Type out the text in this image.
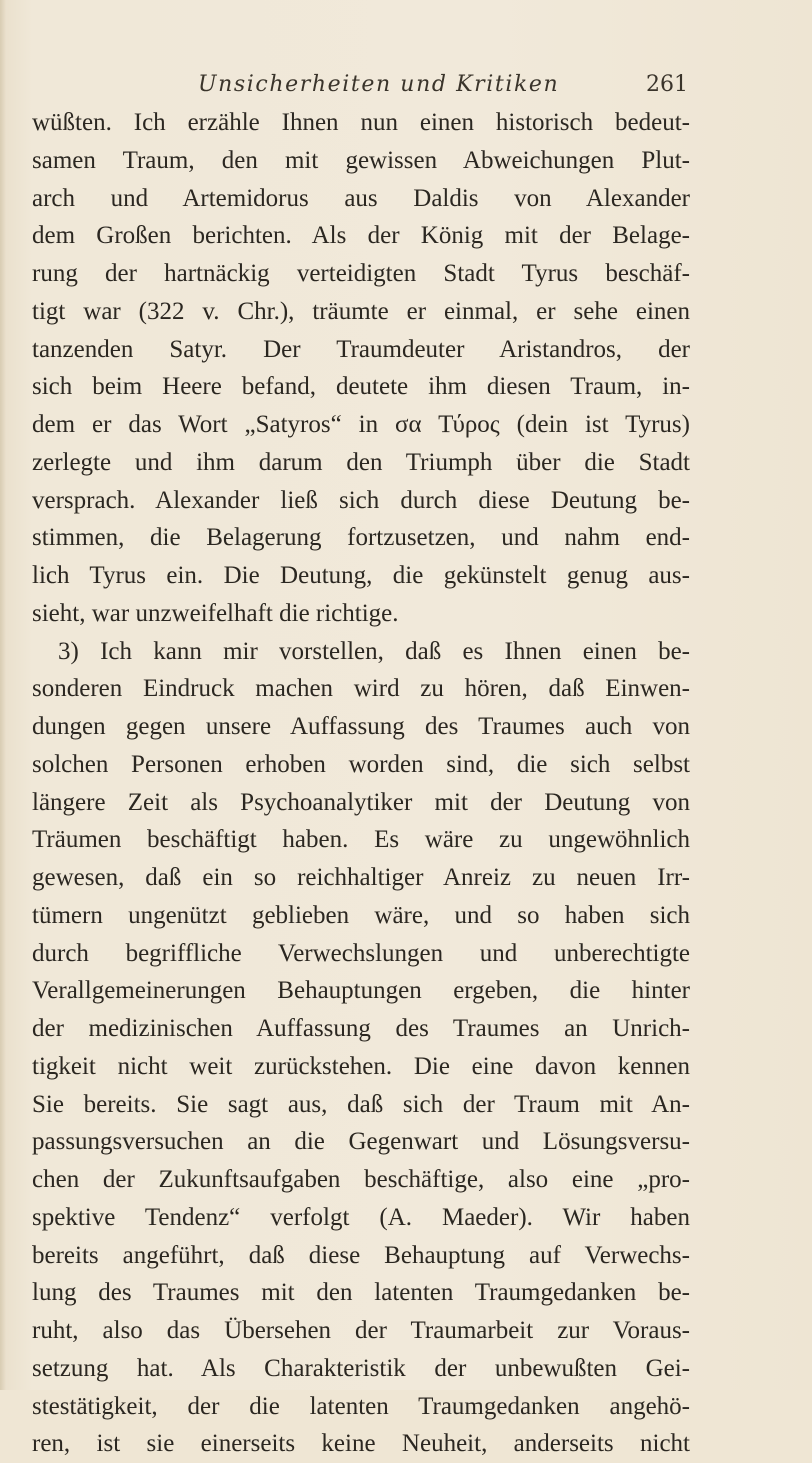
Unsicherheiten und Kritiken	261
wüßten. Ich erzähle Ihnen nun einen historisch bedeut-
samen Traum, den mit gewissen Abweichungen Plut-
arch und Artemidorus aus Daldis von Alexander
dem Großen berichten. Als der König mit der Belage-
rung der hartnäckig verteidigten Stadt Tyrus beschäf-
tigt war (322 v. Chr.), träumte er einmal, er sehe einen
tanzenden Satyr. Der Traumdeuter Aristandros, der
sich beim Heere befand, deutete ihm diesen Traum, in-
dem er das Wort „Satyros“ in σα Τύρος (dein ist Tyrus)
zerlegte und ihm darum den Triumph über die Stadt
versprach. Alexander ließ sich durch diese Deutung be-
stimmen, die Belagerung fortzusetzen, und nahm end-
lich Tyrus ein. Die Deutung, die gekünstelt genug aus-
sieht, war unzweifelhaft die richtige.
3) Ich kann mir vorstellen, daß es Ihnen einen be-
sonderen Eindruck machen wird zu hören, daß Einwen-
dungen gegen unsere Auffassung des Traumes auch von
solchen Personen erhoben worden sind, die sich selbst
längere Zeit als Psychoanalytiker mit der Deutung von
Träumen beschäftigt haben. Es wäre zu ungewöhnlich
gewesen, daß ein so reichhaltiger Anreiz zu neuen Irr-
tümern ungenützt geblieben wäre, und so haben sich
durch begriffliche Verwechslungen und unberechtigte
Verallgemeinerungen Behauptungen ergeben, die hinter
der medizinischen Auffassung des Traumes an Unrich-
tigkeit nicht weit zurückstehen. Die eine davon kennen
Sie bereits. Sie sagt aus, daß sich der Traum mit An-
passungsversuchen an die Gegenwart und Lösungsversu-
chen der Zukunftsaufgaben beschäftige, also eine „pro-
spektive Tendenz“ verfolgt (A. Maeder). Wir haben
bereits angeführt, daß diese Behauptung auf Verwechs-
lung des Traumes mit den latenten Traumgedanken be-
ruht, also das Übersehen der Traumarbeit zur Voraus-
setzung hat. Als Charakteristik der unbewußten Gei-
stestätigkeit, der die latenten Traumgedanken angehö-
ren, ist sie einerseits keine Neuheit, anderseits nicht
